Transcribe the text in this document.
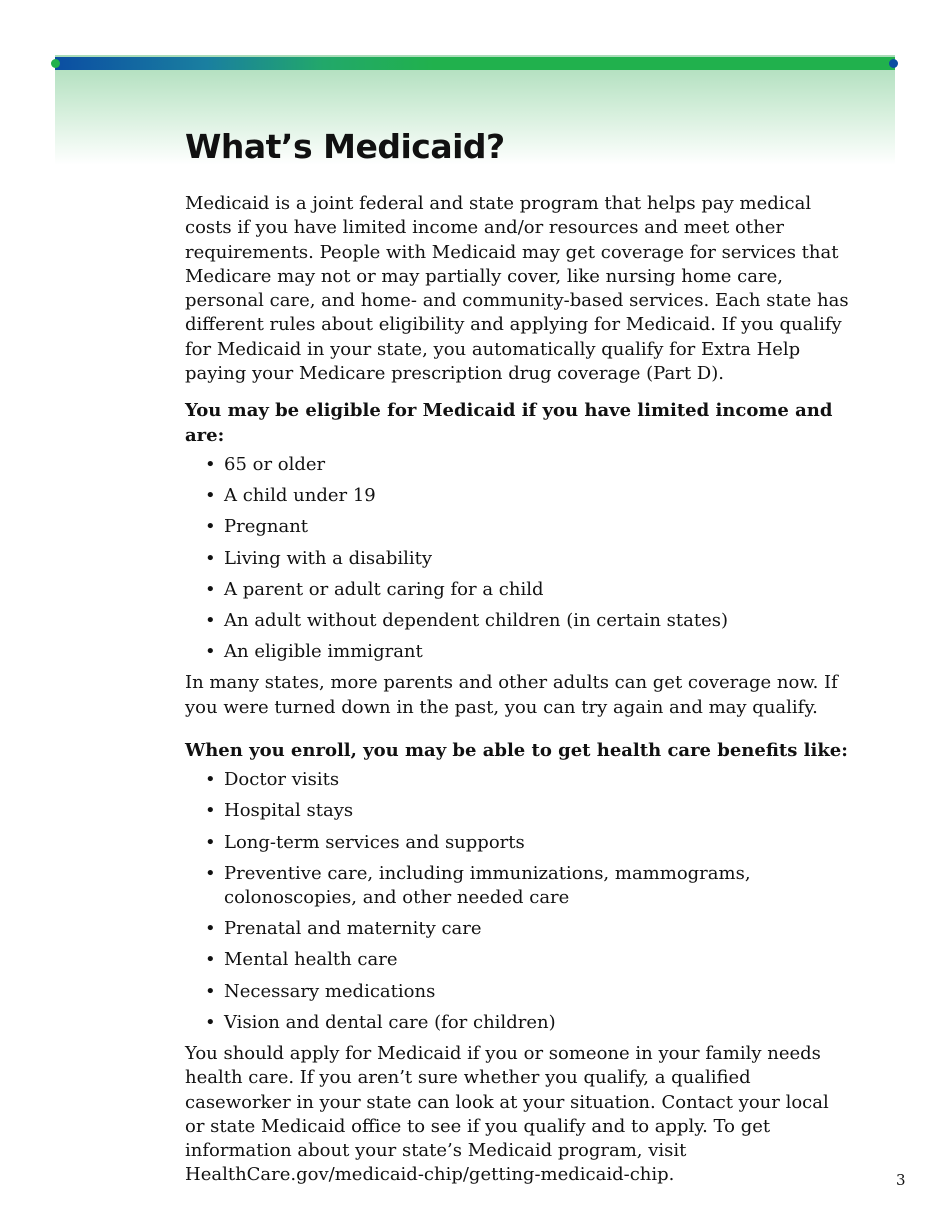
What’s Medicaid?

Medicaid is a joint federal and state program that helps pay medical costs if you have limited income and/or resources and meet other requirements. People with Medicaid may get coverage for services that Medicare may not or may partially cover, like nursing home care, personal care, and home- and community-based services. Each state has different rules about eligibility and applying for Medicaid. If you qualify for Medicaid in your state, you automatically qualify for Extra Help paying your Medicare prescription drug coverage (Part D).

You may be eligible for Medicaid if you have limited income and are:

• 65 or older
• A child under 19
• Pregnant
• Living with a disability
• A parent or adult caring for a child
• An adult without dependent children (in certain states)
• An eligible immigrant

In many states, more parents and other adults can get coverage now. If you were turned down in the past, you can try again and may qualify.

When you enroll, you may be able to get health care benefits like:

• Doctor visits
• Hospital stays
• Long-term services and supports
• Preventive care, including immunizations, mammograms, colonoscopies, and other needed care
• Prenatal and maternity care
• Mental health care
• Necessary medications
• Vision and dental care (for children)

You should apply for Medicaid if you or someone in your family needs health care. If you aren’t sure whether you qualify, a qualified caseworker in your state can look at your situation. Contact your local or state Medicaid office to see if you qualify and to apply. To get information about your state’s Medicaid program, visit HealthCare.gov/medicaid-chip/getting-medicaid-chip.	3
